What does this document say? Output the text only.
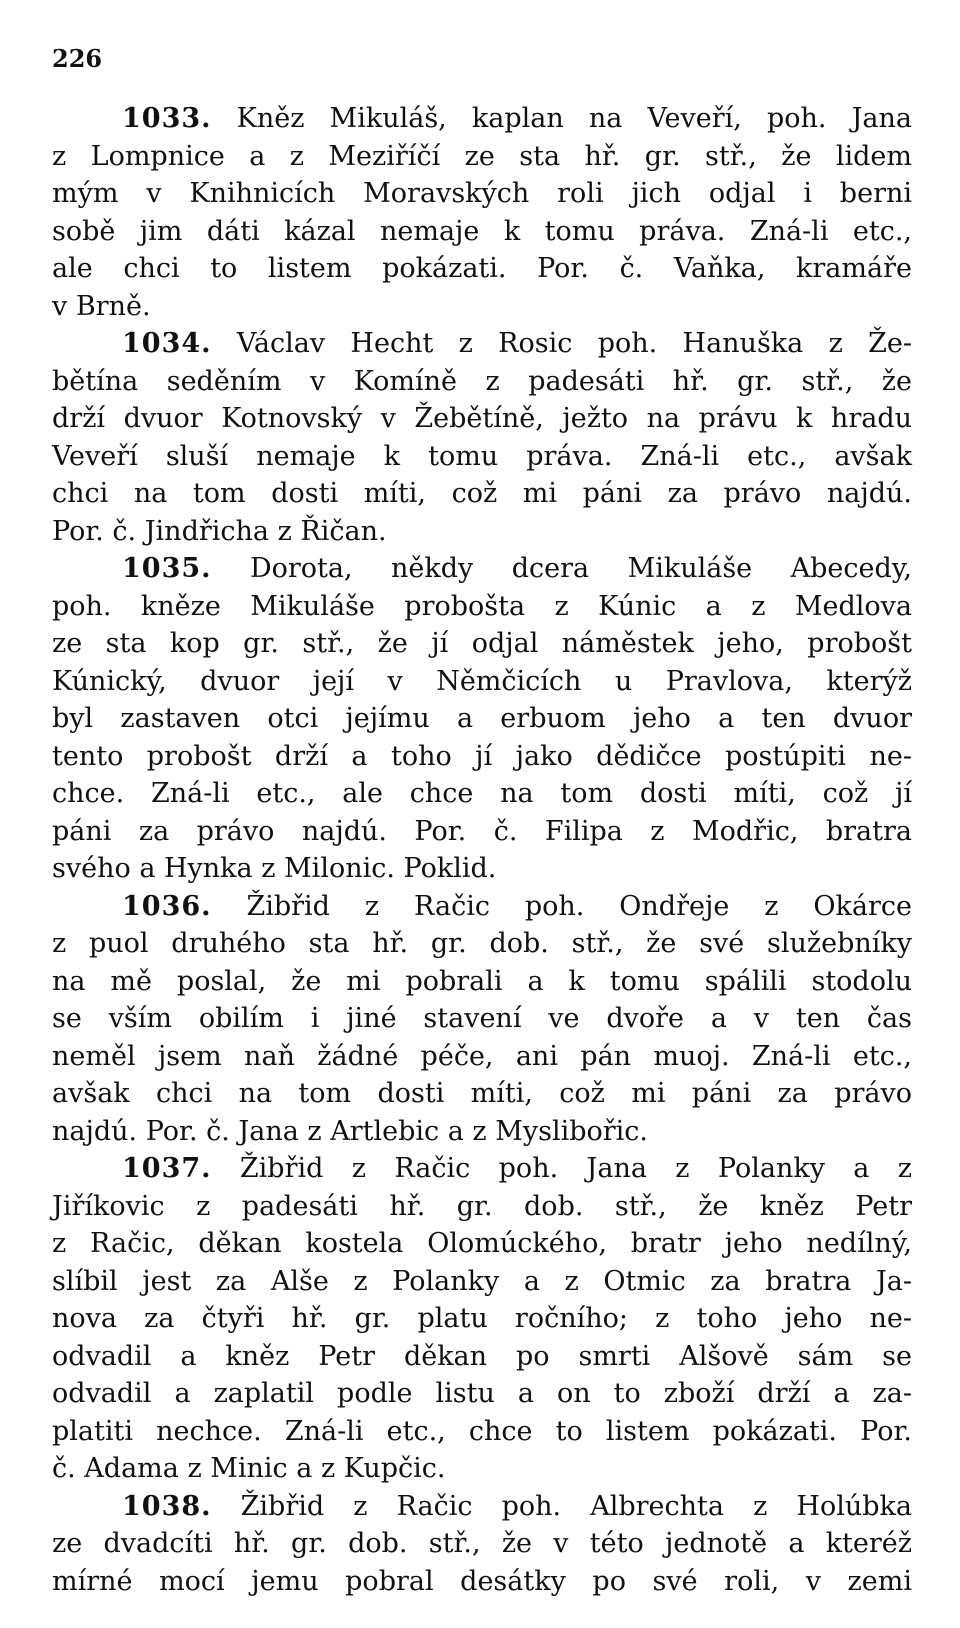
226
1033. Kněz Mikuláš, kaplan na Veveří, poh. Jana
z Lompnice a z Meziříčí ze sta hř. gr. stř., že lidem
mým v Knihnicích Moravských roli jich odjal i berni
sobě jim dáti kázal nemaje k tomu práva. Zná-li etc.,
ale chci to listem pokázati. Por. č. Vaňka, kramáře
v Brně.
1034. Václav Hecht z Rosic poh. Hanuška z Že-
bětína seděním v Komíně z padesáti hř. gr. stř., že
drží dvuor Kotnovský v Žebětíně, ježto na právu k hradu
Veveří sluší nemaje k tomu práva. Zná-li etc., avšak
chci na tom dosti míti, což mi páni za právo najdú.
Por. č. Jindřicha z Řičan.
1035. Dorota, někdy dcera Mikuláše Abecedy,
poh. kněze Mikuláše probošta z Kúnic a z Medlova
ze sta kop gr. stř., že jí odjal náměstek jeho, probošt
Kúnický, dvuor její v Němčicích u Pravlova, kterýž
byl zastaven otci jejímu a erbuom jeho a ten dvuor
tento probošt drží a toho jí jako dědičce postúpiti ne-
chce. Zná-li etc., ale chce na tom dosti míti, což jí
páni za právo najdú. Por. č. Filipa z Modřic, bratra
svého a Hynka z Milonic. Poklid.
1036. Žibřid z Račic poh. Ondřeje z Okárce
z puol druhého sta hř. gr. dob. stř., že své služebníky
na mě poslal, že mi pobrali a k tomu spálili stodolu
se vším obilím i jiné stavení ve dvoře a v ten čas
neměl jsem naň žádné péče, ani pán muoj. Zná-li etc.,
avšak chci na tom dosti míti, což mi páni za právo
najdú. Por. č. Jana z Artlebic a z Myslibořic.
1037. Žibřid z Račic poh. Jana z Polanky a z
Jiříkovic z padesáti hř. gr. dob. stř., že kněz Petr
z Račic, děkan kostela Olomúckého, bratr jeho nedílný,
slíbil jest za Alše z Polanky a z Otmic za bratra Ja-
nova za čtyři hř. gr. platu ročního; z toho jeho ne-
odvadil a kněz Petr děkan po smrti Alšově sám se
odvadil a zaplatil podle listu a on to zboží drží a za-
platiti nechce. Zná-li etc., chce to listem pokázati. Por.
č. Adama z Minic a z Kupčic.
1038. Žibřid z Račic poh. Albrechta z Holúbka
ze dvadcíti hř. gr. dob. stř., že v této jednotě a kteréž
mírné mocí jemu pobral desátky po své roli, v zemi
